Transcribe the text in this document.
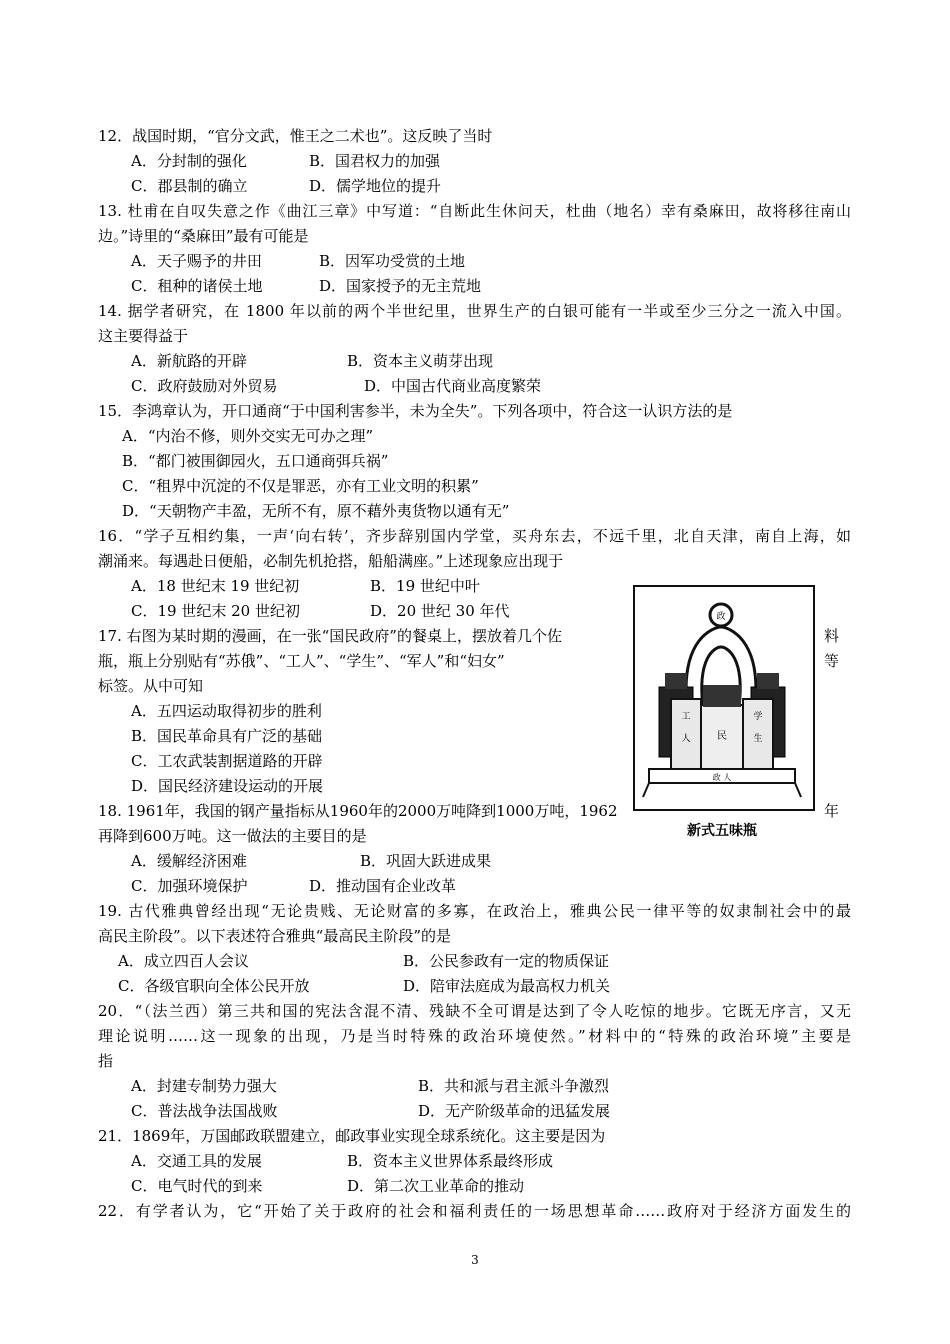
12．战国时期，“官分文武，惟王之二术也”。这反映了当时
A．分封制的强化	B．国君权力的加强
C．郡县制的确立	D．儒学地位的提升
13. 杜甫在自叹失意之作《曲江三章》中写道：“自断此生休问天，杜曲（地名）幸有桑麻田，故将移往南山
边。”诗里的“桑麻田”最有可能是
A．天子赐予的井田	B．因军功受赏的土地
C．租种的诸侯土地	D．国家授予的无主荒地
14. 据学者研究，在 1800 年以前的两个半世纪里，世界生产的白银可能有一半或至少三分之一流入中国。
这主要得益于
A．新航路的开辟	B．资本主义萌芽出现
C．政府鼓励对外贸易	D．中国古代商业高度繁荣
15．李鸿章认为，开口通商“于中国利害参半，未为全失”。下列各项中，符合这一认识方法的是
A．“内治不修，则外交实无可办之理”
B．“都门被围御园火，五口通商弭兵祸”
C．“租界中沉淀的不仅是罪恶，亦有工业文明的积累”
D．“天朝物产丰盈，无所不有，原不藉外夷货物以通有无”
16．“学子互相约集，一声‘向右转’，齐步辞别国内学堂，买舟东去，不远千里，北自天津，南自上海，如
潮涌来。每遇赴日便船，必制先机抢搭，船船满座。”上述现象应出现于
A．18 世纪末 19 世纪初	B．19 世纪中叶
C．19 世纪末 20 世纪初	D．20 世纪 30 年代	政
工
人	民
学
生
政 人
新式五味瓶
17. 右图为某时期的漫画，在一张“国民政府”的餐桌上，摆放着几个佐	料
瓶，瓶上分别贴有“苏俄”、“工人”、“学生”、“军人”和“妇女”	等
标签。从中可知
A．五四运动取得初步的胜利
B．国民革命具有广泛的基础
C．工农武装割据道路的开辟
D．国民经济建设运动的开展
18. 1961年，我国的钢产量指标从1960年的2000万吨降到1000万吨，1962	年
再降到600万吨。这一做法的主要目的是
A．缓解经济困难	B．巩固大跃进成果
C．加强环境保护	D．推动国有企业改革
19. 古代雅典曾经出现“无论贵贱、无论财富的多寡，在政治上，雅典公民一律平等的奴隶制社会中的最
高民主阶段”。以下表述符合雅典“最高民主阶段”的是
A．成立四百人会议	B．公民参政有一定的物质保证
C．各级官职向全体公民开放	D．陪审法庭成为最高权力机关
20．“（法兰西）第三共和国的宪法含混不清、残缺不全可谓是达到了令人吃惊的地步。它既无序言，又无
理论说明……这一现象的出现，乃是当时特殊的政治环境使然。”材料中的“特殊的政治环境”主要是
指
A．封建专制势力强大	B．共和派与君主派斗争激烈
C．普法战争法国战败	D．无产阶级革命的迅猛发展
21．1869年，万国邮政联盟建立，邮政事业实现全球系统化。这主要是因为
A．交通工具的发展	B．资本主义世界体系最终形成
C．电气时代的到来	D．第二次工业革命的推动
22．有学者认为，它“开始了关于政府的社会和福利责任的一场思想革命……政府对于经济方面发生的
3
